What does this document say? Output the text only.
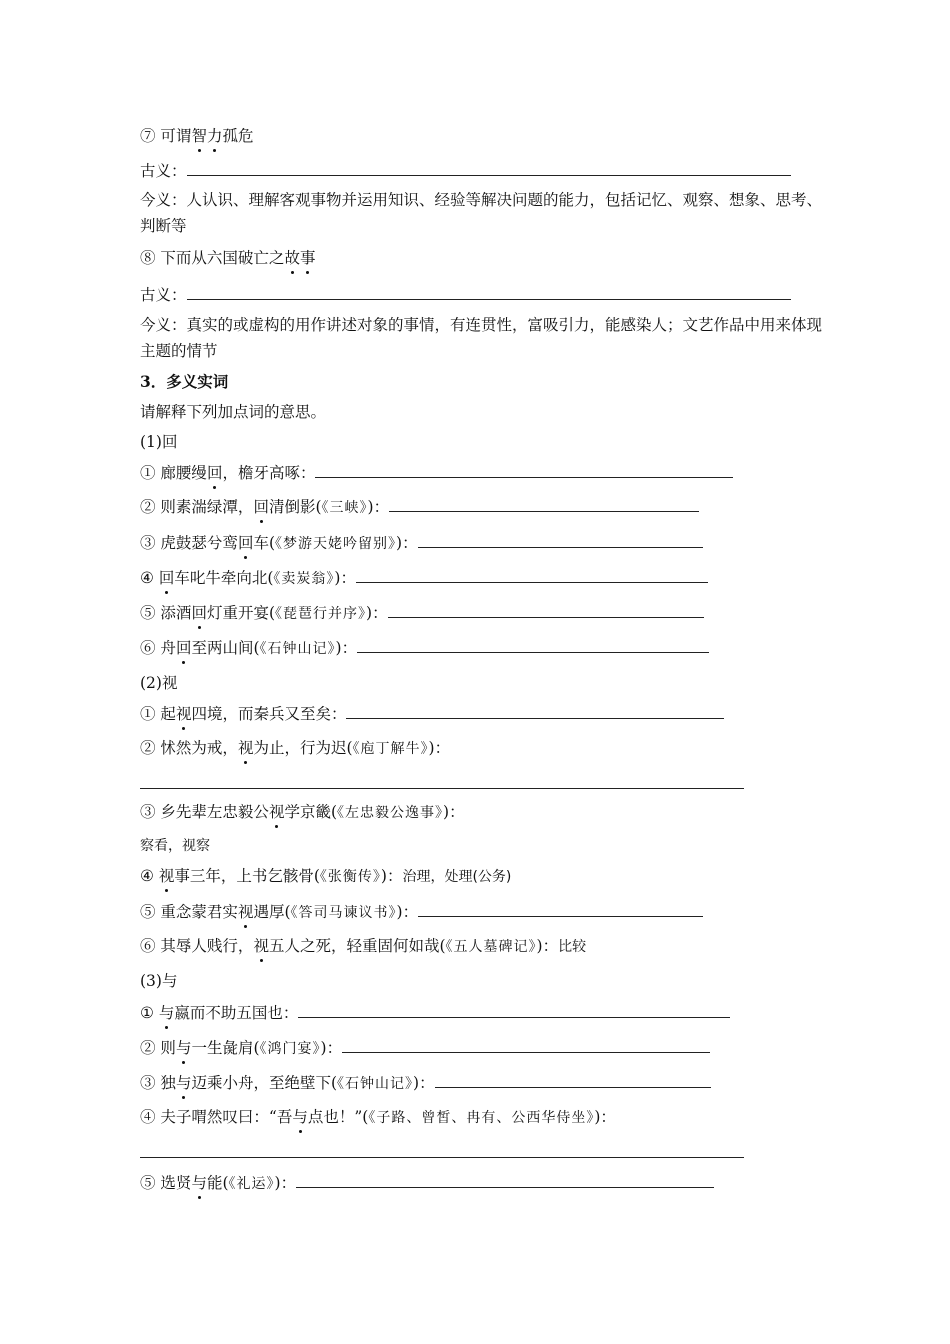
⑦ 可谓智力孤危
古义：
今义：人认识、理解客观事物并运用知识、经验等解决问题的能力，包括记忆、观察、想象、思考、判断等
⑧ 下而从六国破亡之故事
古义：
今义：真实的或虚构的用作讲述对象的事情，有连贯性，富吸引力，能感染人；文艺作品中用来体现主题的情节
3．多义实词
请解释下列加点词的意思。
(1)回
① 廊腰缦回，檐牙高啄：
② 则素湍绿潭，回清倒影(《三峡》)：
③ 虎鼓瑟兮鸾回车(《梦游天姥吟留别》)：
④ 回车叱牛牵向北(《卖炭翁》)：
⑤ 添酒回灯重开宴(《琵琶行并序》)：
⑥ 舟回至两山间(《石钟山记》)：
(2)视
① 起视四境，而秦兵又至矣：
② 怵然为戒，视为止，行为迟(《庖丁解牛》)：
③ 乡先辈左忠毅公视学京畿(《左忠毅公逸事》)：
察看，视察
④ 视事三年，上书乞骸骨(《张衡传》)：治理，处理(公务)
⑤ 重念蒙君实视遇厚(《答司马谏议书》)：
⑥ 其辱人贱行，视五人之死，轻重固何如哉(《五人墓碑记》)：比较
(3)与
① 与嬴而不助五国也：
② 则与一生彘肩(《鸿门宴》)：
③ 独与迈乘小舟，至绝壁下(《石钟山记》)：
④ 夫子喟然叹曰：“吾与点也！”(《子路、曾皙、冉有、公西华侍坐》)：
⑤ 选贤与能(《礼运》)：
